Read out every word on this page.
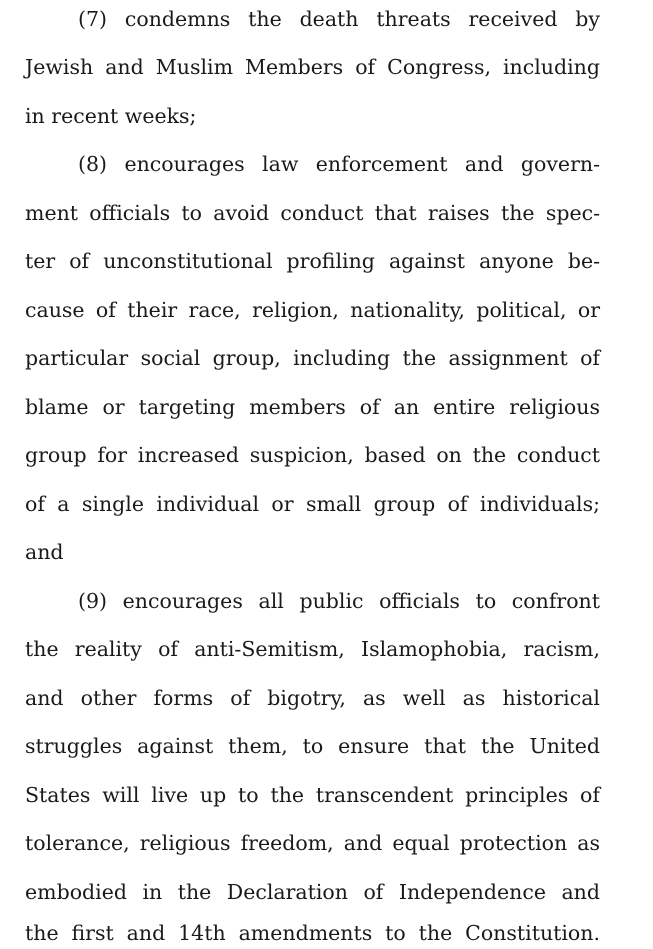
(7) condemns the death threats received by
Jewish and Muslim Members of Congress, including
in recent weeks;
(8) encourages law enforcement and govern-
ment officials to avoid conduct that raises the spec-
ter of unconstitutional profiling against anyone be-
cause of their race, religion, nationality, political, or
particular social group, including the assignment of
blame or targeting members of an entire religious
group for increased suspicion, based on the conduct
of a single individual or small group of individuals;
and
(9) encourages all public officials to confront
the reality of anti-Semitism, Islamophobia, racism,
and other forms of bigotry, as well as historical
struggles against them, to ensure that the United
States will live up to the transcendent principles of
tolerance, religious freedom, and equal protection as
embodied in the Declaration of Independence and
the first and 14th amendments to the Constitution.
